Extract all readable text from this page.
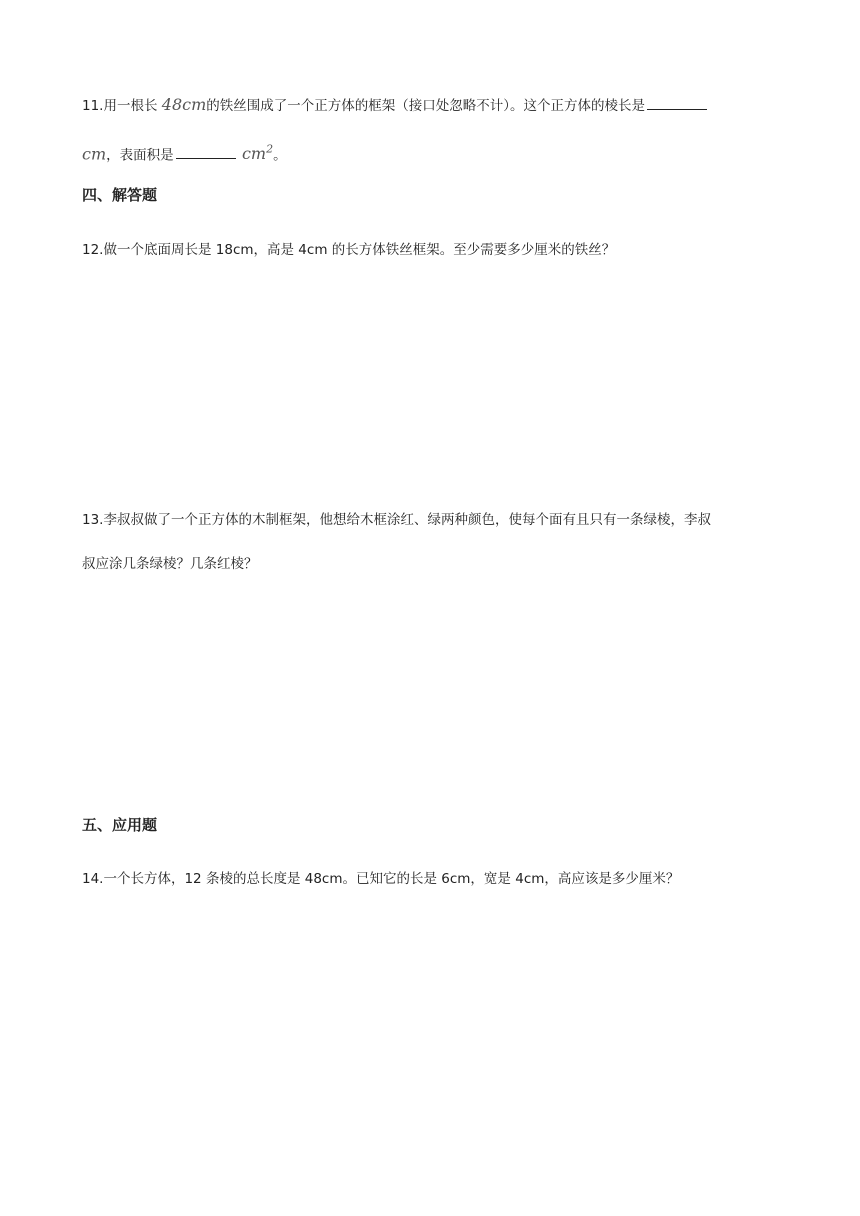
11.用一根长 48cm的铁丝围成了一个正方体的框架（接口处忽略不计）。这个正方体的棱长是
cm，表面积是	$cm^2$。
四、解答题
12.做一个底面周长是 18cm，高是 4cm 的长方体铁丝框架。至少需要多少厘米的铁丝？
13.李叔叔做了一个正方体的木制框架，他想给木框涂红、绿两种颜色，使每个面有且只有一条绿棱，李叔
叔应涂几条绿棱？几条红棱？
五、应用题
14.一个长方体，12 条棱的总长度是 48cm。已知它的长是 6cm，宽是 4cm，高应该是多少厘米？
